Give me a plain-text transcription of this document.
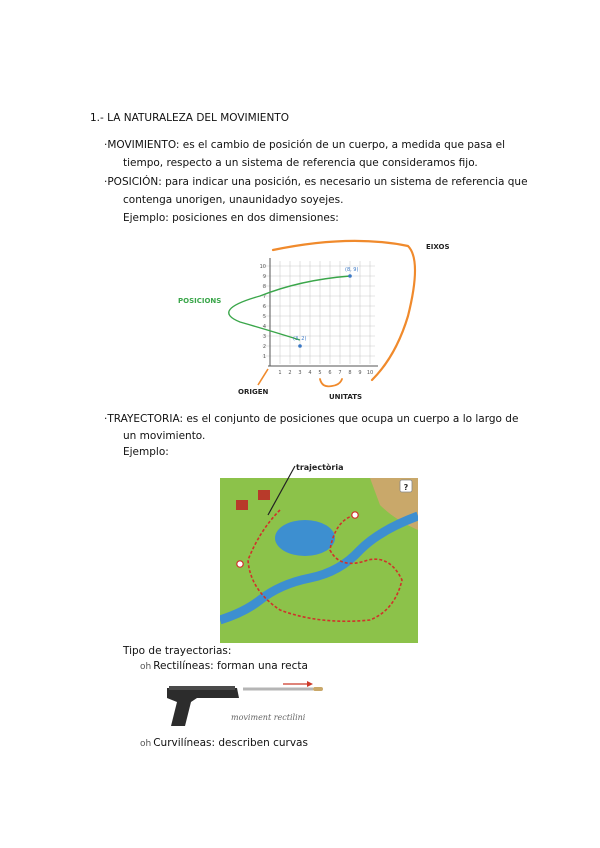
1.- LA NATURALEZA DEL MOVIMIENTO
· MOVIMIENTO: es el cambio de posición de un cuerpo, a medida que pasa el
tiempo, respecto a un sistema de referencia que consideramos fijo.
· POSICIÓN: para indicar una posición, es necesario un sistema de referencia que
contenga unorigen, unaunidadyo soyejes.
Ejemplo: posiciones en dos dimensiones:
10
9
8
7
6
5
4
3
2
1
1 2 3 4 5 6 7 8 9 10
(8, 9)
(3, 2)
EIXOS
POSICIONS
ORIGEN
UNITATS
· TRAYECTORIA: es el conjunto de posiciones que ocupa un cuerpo a lo largo de
un movimiento.
Ejemplo:
trajectòria
?
Tipo de trayectorias:
oh Rectilíneas: forman una recta
moviment rectilini
oh Curvilíneas: describen curvas
